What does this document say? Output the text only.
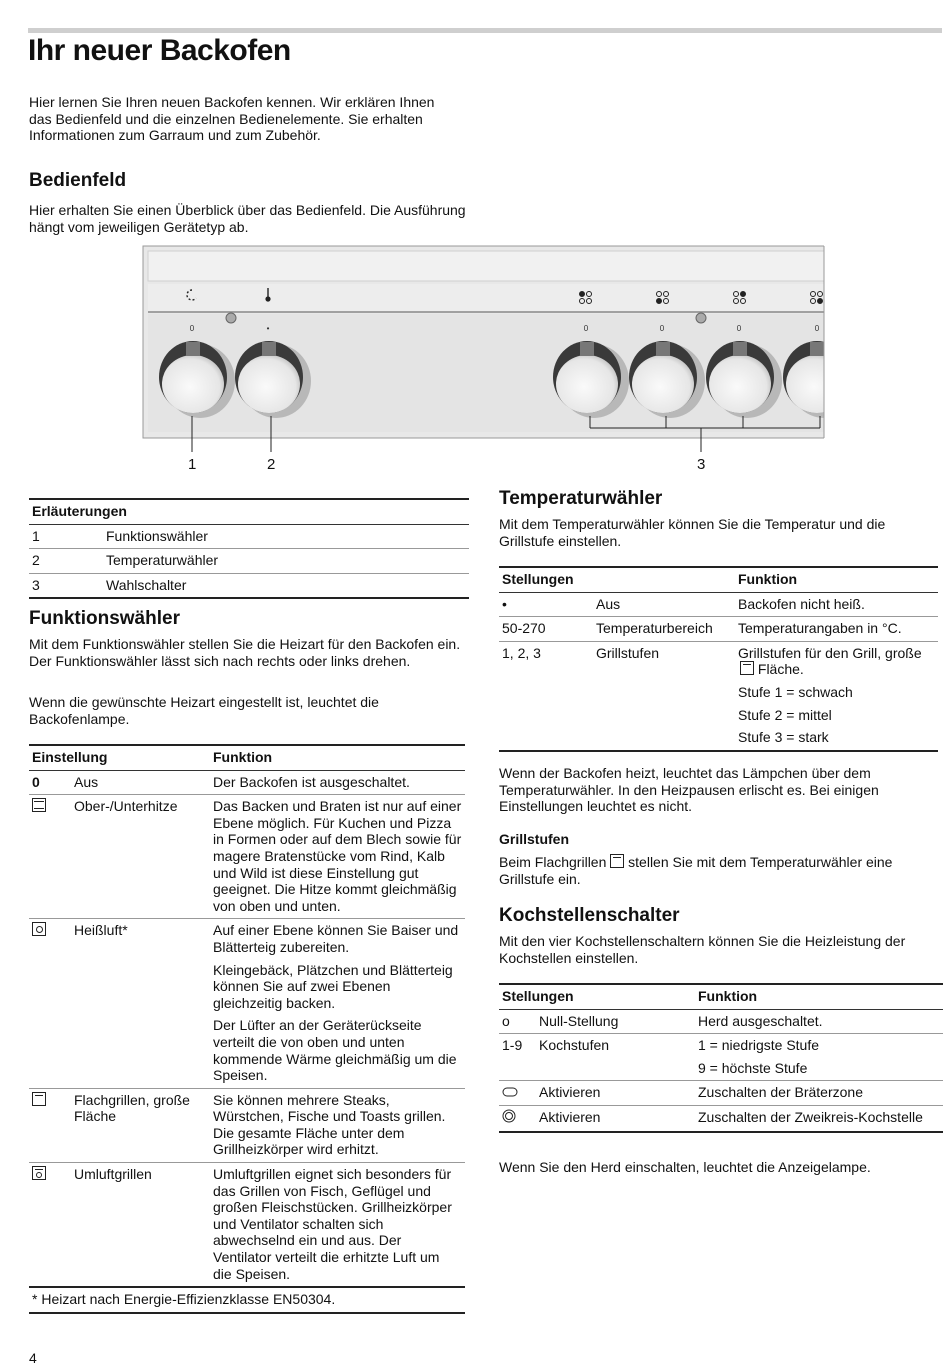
Ihr neuer Backofen

Hier lernen Sie Ihren neuen Backofen kennen. Wir erklären Ihnen das Bedienfeld und die einzelnen Bedienelemente. Sie erhalten Informationen zum Garraum und zum Zubehör.

Bedienfeld

Hier erhalten Sie einen Überblick über das Bedienfeld. Die Ausführung hängt vom jeweiligen Gerätetyp ab.

0	•	0	0	0	0
1	2	3
Erläuterungen	
1	Funktionswähler
2	Temperaturwähler
3	Wahlschalter
Funktionswähler

Mit dem Funktionswähler stellen Sie die Heizart für den Backofen ein. Der Funktionswähler lässt sich nach rechts oder links drehen.

Wenn die gewünschte Heizart eingestellt ist, leuchtet die Backofenlampe.

Einstellung		Funktion
0	Aus	Der Backofen ist ausgeschaltet.

	Ober-/Unterhitze	Das Backen und Braten ist nur auf einer Ebene möglich. Für Kuchen und Pizza in Formen oder auf dem Blech sowie für magere Bratenstücke vom Rind, Kalb und Wild ist diese Einstellung gut geeignet. Die Hitze kommt gleichmäßig von oben und unten.

	Heißluft*	Auf einer Ebene können Sie Baiser und Blätterteig zubereiten.
Kleingebäck, Plätzchen und Blätterteig können Sie auf zwei Ebenen gleichzeitig backen.
Der Lüfter an der Geräterückseite verteilt die von oben und unten kommende Wärme gleichmäßig um die Speisen.

	Flachgrillen, große Fläche	Sie können mehrere Steaks, Würstchen, Fische und Toasts grillen. Die gesamte Fläche unter dem Grillheizkörper wird erhitzt.

	Umluftgrillen	Umluftgrillen eignet sich besonders für das Grillen von Fisch, Geflügel und großen Fleischstücken. Grillheizkörper und Ventilator schalten sich abwechselnd ein und aus. Der Ventilator verteilt die erhitzte Luft um die Speisen.
* Heizart nach Energie-Effizienzklasse EN50304.		
Temperaturwähler

Mit dem Temperaturwähler können Sie die Temperatur und die Grillstufe einstellen.

Stellungen		Funktion
•	Aus	Backofen nicht heiß.
50-270	Temperaturbereich	Temperaturangaben in °C.
1, 2, 3	Grillstufen	Grillstufen für den Grill, große
Fläche.
Stufe 1 = schwach
Stufe 2 = mittel
Stufe 3 = stark

Wenn der Backofen heizt, leuchtet das Lämpchen über dem Temperaturwähler. In den Heizpausen erlischt es. Bei einigen Einstellungen leuchtet es nicht.

Grillstufen

Beim Flachgrillen stellen Sie mit dem Temperaturwähler eine Grillstufe ein.

Kochstellenschalter

Mit den vier Kochstellenschaltern können Sie die Heizleistung der Kochstellen einstellen.

Stellungen		Funktion
o	Null-Stellung	Herd ausgeschaltet.
1-9	Kochstufen	1 = niedrigste Stufe
9 = höchste Stufe

	Aktivieren	Zuschalten der Bräterzone
	Aktivieren	Zuschalten der Zweikreis-Kochstelle

Wenn Sie den Herd einschalten, leuchtet die Anzeigelampe.

4
